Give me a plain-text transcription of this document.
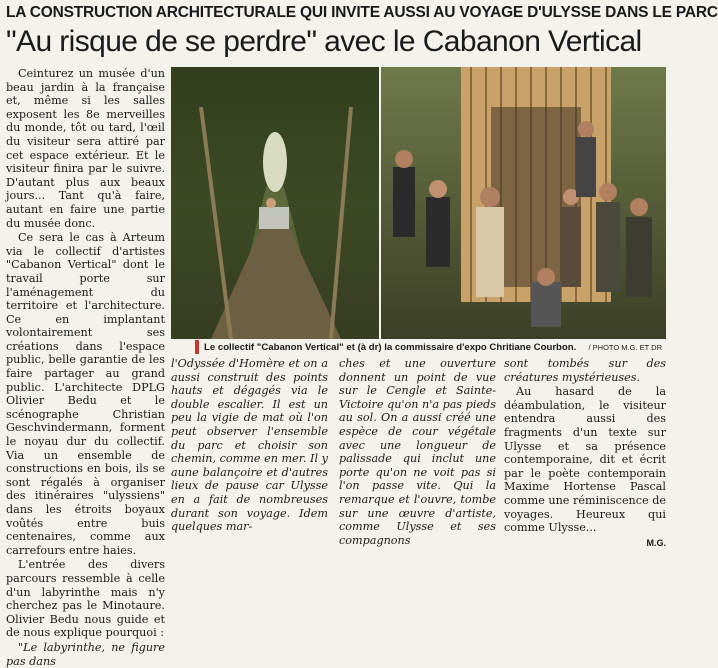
LA CONSTRUCTION ARCHITECTURALE QUI INVITE AUSSI AU VOYAGE D'ULYSSE DANS LE PARC
"Au risque de se perdre" avec le Cabanon Vertical

Ceinturez un musée d'un beau jardin à la française et, même si les salles exposent les 8e merveilles du monde, tôt ou tard, l'œil du visiteur sera attiré par cet espace extérieur. Et le visiteur finira par le suivre. D'autant plus aux beaux jours... Tant qu'à faire, autant en faire une partie du musée donc.

Ce sera le cas à Arteum via le collectif d'artistes "Cabanon Vertical" dont le travail porte sur l'aménagement du territoire et l'architecture. Ce en implantant volontairement ses créations dans l'espace public, belle garantie de les faire partager au grand public. L'architecte DPLG Olivier Bedu et le scénographe Christian Geschvindermann, forment le noyau dur du collectif. Via un ensemble de constructions en bois, ils se sont régalés à organiser des itinéraires "ulyssiens" dans les étroits boyaux voûtés entre buis centenaires, comme aux carrefours entre haies.

L'entrée des divers parcours ressemble à celle d'un labyrinthe mais n'y cherchez pas le Minotaure. Olivier Bedu nous guide et de nous explique pourquoi :

"Le labyrinthe, ne figure pas dans

Le collectif "Cabanon Vertical" et (à dr) la commissaire d'expo Chritiane Courbon. / PHOTO M.G. ET DR

l'Odyssée d'Homère et on a aussi construit des points hauts et dégagés via le double escalier. Il est un peu la vigie de mat où l'on peut observer l'ensemble du parc et choisir son chemin, comme en mer. Il y aune balançoire et d'autres lieux de pause car Ulysse en a fait de nombreuses durant son voyage. Idem quelques mar-

ches et une ouverture donnent un point de vue sur le Cengle et Sainte-Victoire qu'on n'a pas pieds au sol. On a aussi créé une espèce de cour végétale avec une longueur de palissade qui inclut une porte qu'on ne voit pas si l'on passe vite. Qui la remarque et l'ouvre, tombe sur une œuvre d'artiste, comme Ulysse et ses compagnons

sont tombés sur des créatures mystérieuses.

Au hasard de la déambulation, le visiteur entendra aussi des fragments d'un texte sur Ulysse et sa présence contemporaine, dit et écrit par le poète contemporain Maxime Hortense Pascal comme une réminiscence de voyages. Heureux qui comme Ulysse...

M.G.
